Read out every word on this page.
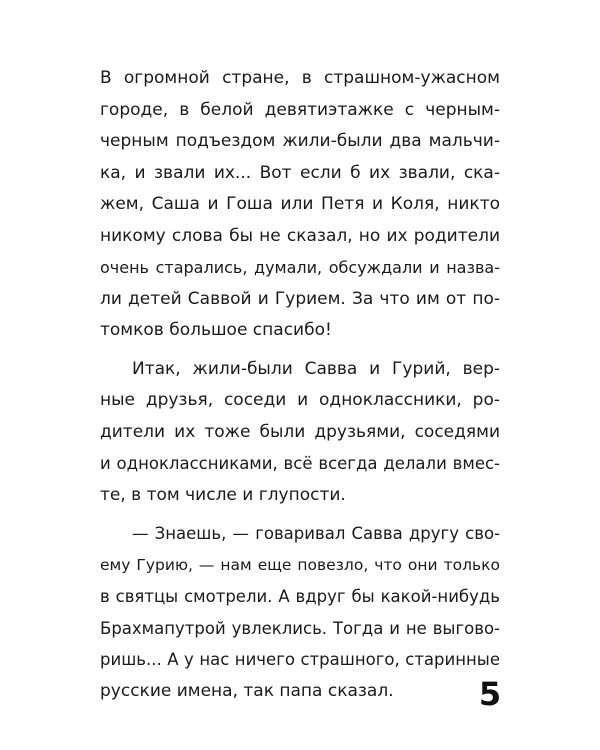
В огромной стране, в страшном-ужасном
городе, в белой девятиэтажке с черным-
черным подъездом жили-были два мальчи-
ка, и звали их... Вот если б их звали, ска-
жем, Саша и Гоша или Петя и Коля, никто
никому слова бы не сказал, но их родители
очень старались, думали, обсуждали и назва-
ли детей Саввой и Гурием. За что им от по-
томков большое спасибо!
Итак, жили-были Савва и Гурий, вер-
ные друзья, соседи и одноклассники, ро-
дители их тоже были друзьями, соседями
и одноклассниками, всё всегда делали вмес-
те, в том числе и глупости.
— Знаешь, — говаривал Савва другу сво-
ему Гурию, — нам еще повезло, что они только
в святцы смотрели. А вдруг бы какой-нибудь
Брахмапутрой увлеклись. Тогда и не выгово-
ришь... А у нас ничего страшного, старинные
русские имена, так папа сказал.	5
